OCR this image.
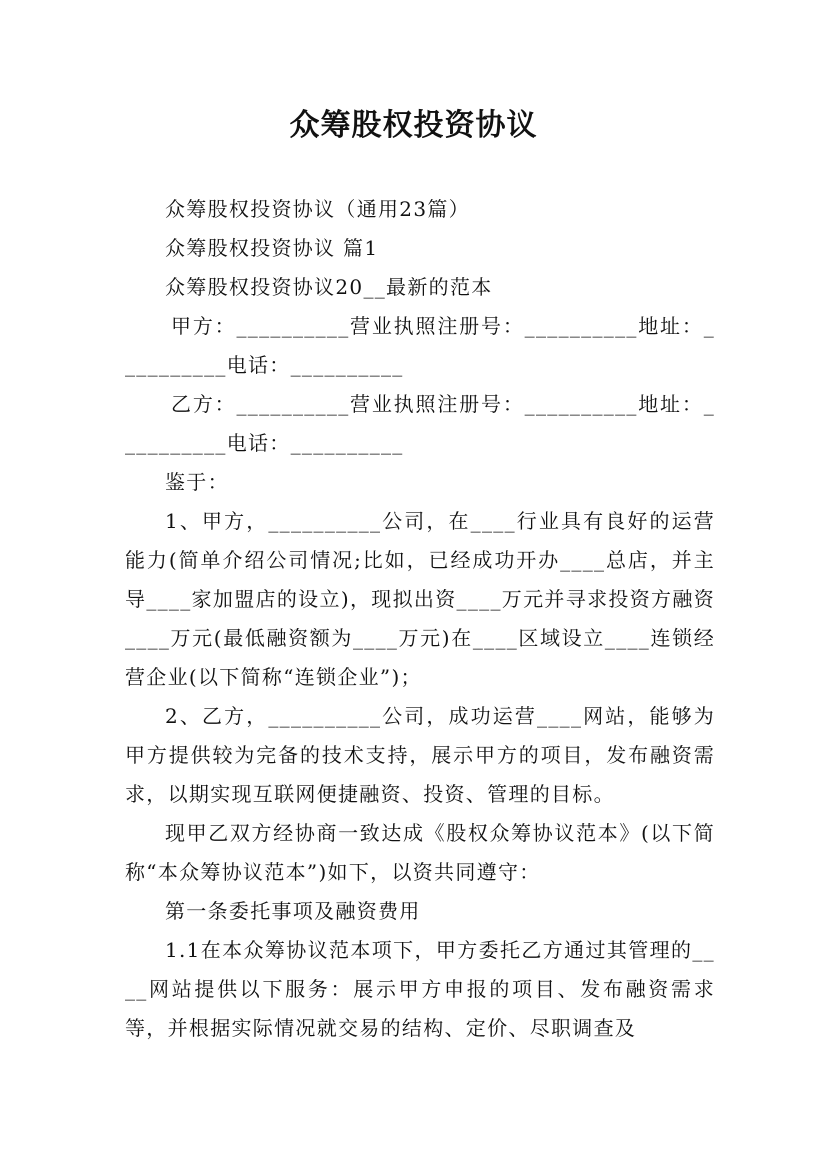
众筹股权投资协议

众筹股权投资协议（通用23篇）

众筹股权投资协议 篇1

众筹股权投资协议20__最新的范本

甲方：__________营业执照注册号：__________地址：__________电话：__________

乙方：__________营业执照注册号：__________地址：__________电话：__________

鉴于：

1、甲方，__________公司，在____行业具有良好的运营能力(简单介绍公司情况;比如，已经成功开办____总店，并主导____家加盟店的设立)，现拟出资____万元并寻求投资方融资____万元(最低融资额为____万元)在____区域设立____连锁经营企业(以下简称“连锁企业”)；

2、乙方，__________公司，成功运营____网站，能够为甲方提供较为完备的技术支持，展示甲方的项目，发布融资需求，以期实现互联网便捷融资、投资、管理的目标。

现甲乙双方经协商一致达成《股权众筹协议范本》(以下简称“本众筹协议范本”)如下，以资共同遵守：

第一条委托事项及融资费用

1.1在本众筹协议范本项下，甲方委托乙方通过其管理的____网站提供以下服务：展示甲方申报的项目、发布融资需求等，并根据实际情况就交易的结构、定价、尽职调查及
